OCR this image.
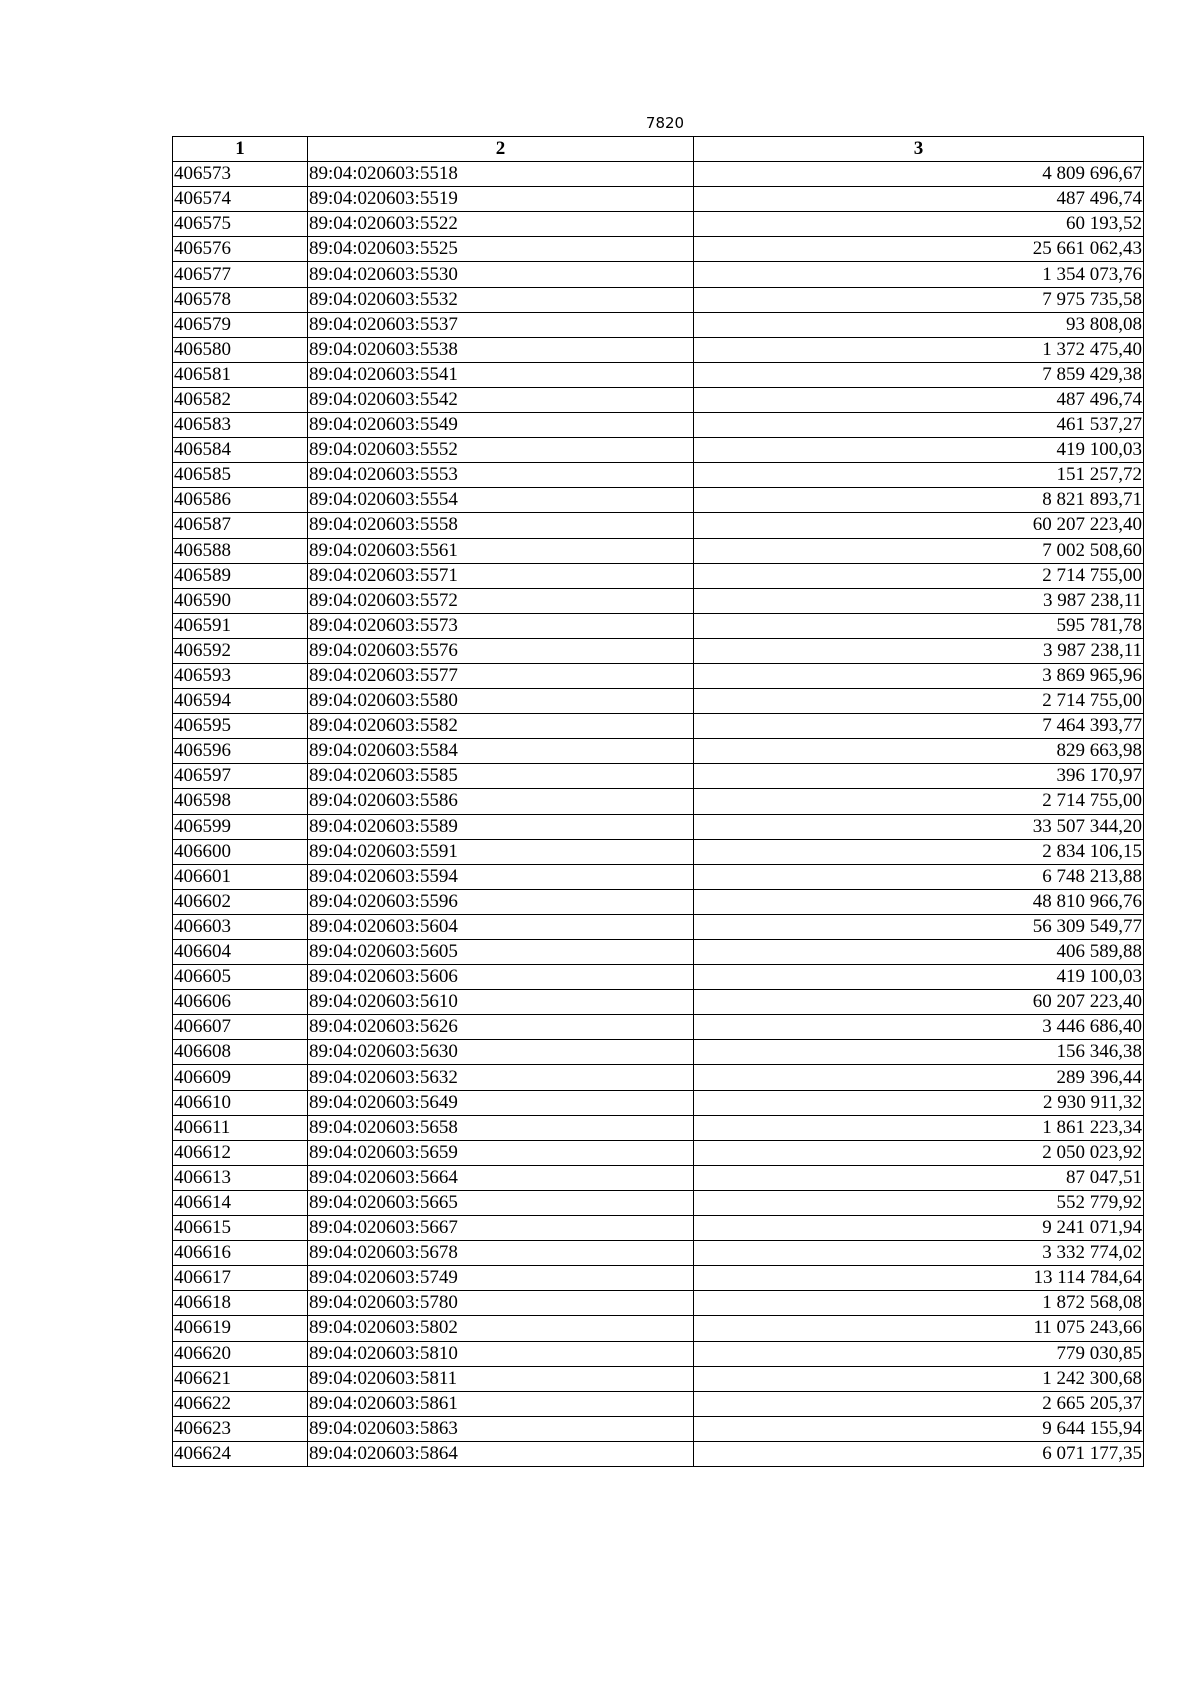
7820
1	2	3
406573	89:04:020603:5518	4 809 696,67
406574	89:04:020603:5519	487 496,74
406575	89:04:020603:5522	60 193,52
406576	89:04:020603:5525	25 661 062,43
406577	89:04:020603:5530	1 354 073,76
406578	89:04:020603:5532	7 975 735,58
406579	89:04:020603:5537	93 808,08
406580	89:04:020603:5538	1 372 475,40
406581	89:04:020603:5541	7 859 429,38
406582	89:04:020603:5542	487 496,74
406583	89:04:020603:5549	461 537,27
406584	89:04:020603:5552	419 100,03
406585	89:04:020603:5553	151 257,72
406586	89:04:020603:5554	8 821 893,71
406587	89:04:020603:5558	60 207 223,40
406588	89:04:020603:5561	7 002 508,60
406589	89:04:020603:5571	2 714 755,00
406590	89:04:020603:5572	3 987 238,11
406591	89:04:020603:5573	595 781,78
406592	89:04:020603:5576	3 987 238,11
406593	89:04:020603:5577	3 869 965,96
406594	89:04:020603:5580	2 714 755,00
406595	89:04:020603:5582	7 464 393,77
406596	89:04:020603:5584	829 663,98
406597	89:04:020603:5585	396 170,97
406598	89:04:020603:5586	2 714 755,00
406599	89:04:020603:5589	33 507 344,20
406600	89:04:020603:5591	2 834 106,15
406601	89:04:020603:5594	6 748 213,88
406602	89:04:020603:5596	48 810 966,76
406603	89:04:020603:5604	56 309 549,77
406604	89:04:020603:5605	406 589,88
406605	89:04:020603:5606	419 100,03
406606	89:04:020603:5610	60 207 223,40
406607	89:04:020603:5626	3 446 686,40
406608	89:04:020603:5630	156 346,38
406609	89:04:020603:5632	289 396,44
406610	89:04:020603:5649	2 930 911,32
406611	89:04:020603:5658	1 861 223,34
406612	89:04:020603:5659	2 050 023,92
406613	89:04:020603:5664	87 047,51
406614	89:04:020603:5665	552 779,92
406615	89:04:020603:5667	9 241 071,94
406616	89:04:020603:5678	3 332 774,02
406617	89:04:020603:5749	13 114 784,64
406618	89:04:020603:5780	1 872 568,08
406619	89:04:020603:5802	11 075 243,66
406620	89:04:020603:5810	779 030,85
406621	89:04:020603:5811	1 242 300,68
406622	89:04:020603:5861	2 665 205,37
406623	89:04:020603:5863	9 644 155,94
406624	89:04:020603:5864	6 071 177,35
